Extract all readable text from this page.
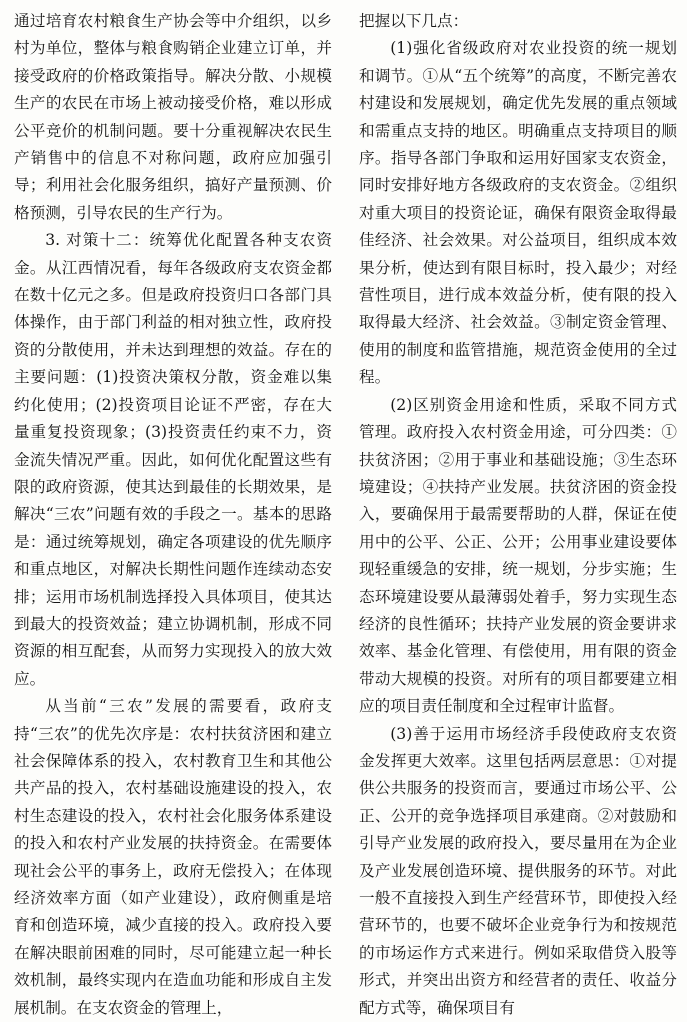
通过培育农村粮食生产协会等中介组织，以乡村为单位，整体与粮食购销企业建立订单，并接受政府的价格政策指导。解决分散、小规模生产的农民在市场上被动接受价格，难以形成公平竞价的机制问题。要十分重视解决农民生产销售中的信息不对称问题，政府应加强引导；利用社会化服务组织，搞好产量预测、价格预测，引导农民的生产行为。

3. 对策十二：统筹优化配置各种支农资金。从江西情况看，每年各级政府支农资金都在数十亿元之多。但是政府投资归口各部门具体操作，由于部门利益的相对独立性，政府投资的分散使用，并未达到理想的效益。存在的主要问题：(1)投资决策权分散，资金难以集约化使用；(2)投资项目论证不严密，存在大量重复投资现象；(3)投资责任约束不力，资金流失情况严重。因此，如何优化配置这些有限的政府资源，使其达到最佳的长期效果，是解决“三农”问题有效的手段之一。基本的思路是：通过统筹规划，确定各项建设的优先顺序和重点地区，对解决长期性问题作连续动态安排；运用市场机制选择投入具体项目，使其达到最大的投资效益；建立协调机制，形成不同资源的相互配套，从而努力实现投入的放大效应。

从当前“三农”发展的需要看，政府支持“三农”的优先次序是：农村扶贫济困和建立社会保障体系的投入，农村教育卫生和其他公共产品的投入，农村基础设施建设的投入，农村生态建设的投入，农村社会化服务体系建设的投入和农村产业发展的扶持资金。在需要体现社会公平的事务上，政府无偿投入；在体现经济效率方面（如产业建设），政府侧重是培育和创造环境，减少直接的投入。政府投入要在解决眼前困难的同时，尽可能建立起一种长效机制，最终实现内在造血功能和形成自主发展机制。在支农资金的管理上，

把握以下几点：

(1)强化省级政府对农业投资的统一规划和调节。①从“五个统筹”的高度，不断完善农村建设和发展规划，确定优先发展的重点领域和需重点支持的地区。明确重点支持项目的顺序。指导各部门争取和运用好国家支农资金，同时安排好地方各级政府的支农资金。②组织对重大项目的投资论证，确保有限资金取得最佳经济、社会效果。对公益项目，组织成本效果分析，使达到有限目标时，投入最少；对经营性项目，进行成本效益分析，使有限的投入取得最大经济、社会效益。③制定资金管理、使用的制度和监管措施，规范资金使用的全过程。

(2)区别资金用途和性质，采取不同方式管理。政府投入农村资金用途，可分四类：①扶贫济困；②用于事业和基础设施；③生态环境建设；④扶持产业发展。扶贫济困的资金投入，要确保用于最需要帮助的人群，保证在使用中的公平、公正、公开；公用事业建设要体现轻重缓急的安排，统一规划，分步实施；生态环境建设要从最薄弱处着手，努力实现生态经济的良性循环；扶持产业发展的资金要讲求效率、基金化管理、有偿使用，用有限的资金带动大规模的投资。对所有的项目都要建立相应的项目责任制度和全过程审计监督。

(3)善于运用市场经济手段使政府支农资金发挥更大效率。这里包括两层意思：①对提供公共服务的投资而言，要通过市场公平、公正、公开的竞争选择项目承建商。②对鼓励和引导产业发展的政府投入，要尽量用在为企业及产业发展创造环境、提供服务的环节。对此一般不直接投入到生产经营环节，即使投入经营环节的，也要不破坏企业竞争行为和按规范的市场运作方式来进行。例如采取借贷入股等形式，并突出出资方和经营者的责任、收益分配方式等，确保项目有
